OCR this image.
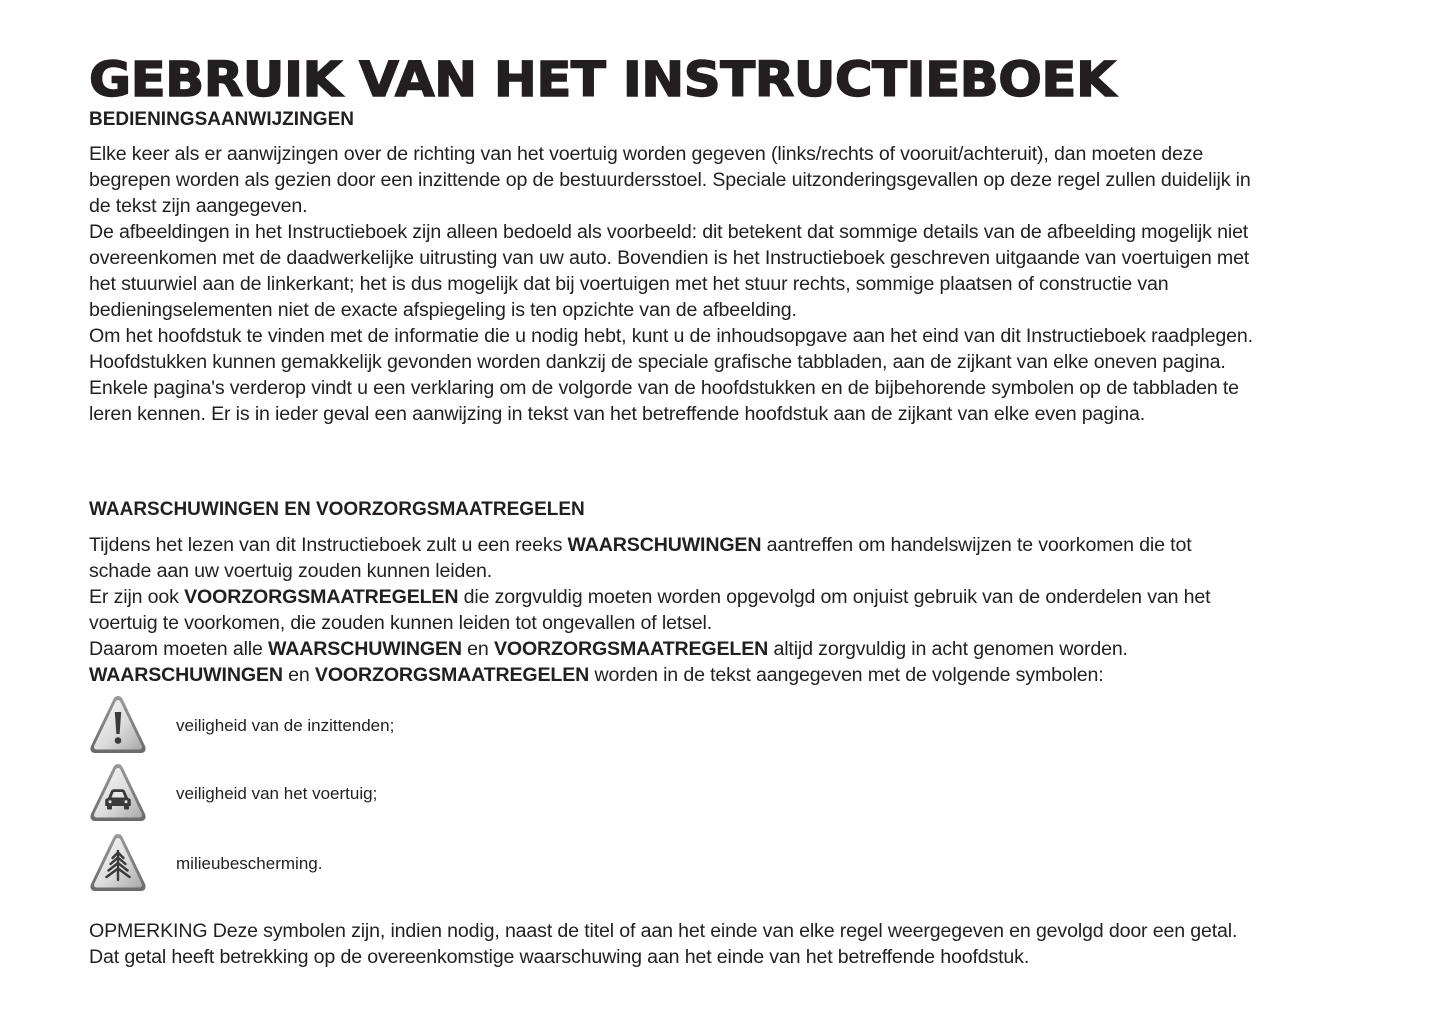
GEBRUIK VAN HET INSTRUCTIEBOEK
BEDIENINGSAANWIJZINGEN

Elke keer als er aanwijzingen over de richting van het voertuig worden gegeven (links/rechts of vooruit/achteruit), dan moeten deze begrepen worden als gezien door een inzittende op de bestuurdersstoel. Speciale uitzonderingsgevallen op deze regel zullen duidelijk in de tekst zijn aangegeven.

De afbeeldingen in het Instructieboek zijn alleen bedoeld als voorbeeld: dit betekent dat sommige details van de afbeelding mogelijk niet overeenkomen met de daadwerkelijke uitrusting van uw auto. Bovendien is het Instructieboek geschreven uitgaande van voertuigen met het stuurwiel aan de linkerkant; het is dus mogelijk dat bij voertuigen met het stuur rechts, sommige plaatsen of constructie van bedieningselementen niet de exacte afspiegeling is ten opzichte van de afbeelding.

Om het hoofdstuk te vinden met de informatie die u nodig hebt, kunt u de inhoudsopgave aan het eind van dit Instructieboek raadplegen.

Hoofdstukken kunnen gemakkelijk gevonden worden dankzij de speciale grafische tabbladen, aan de zijkant van elke oneven pagina. Enkele pagina's verderop vindt u een verklaring om de volgorde van de hoofdstukken en de bijbehorende symbolen op de tabbladen te leren kennen. Er is in ieder geval een aanwijzing in tekst van het betreffende hoofdstuk aan de zijkant van elke even pagina.

WAARSCHUWINGEN EN VOORZORGSMAATREGELEN

Tijdens het lezen van dit Instructieboek zult u een reeks WAARSCHUWINGEN aantreffen om handelswijzen te voorkomen die tot schade aan uw voertuig zouden kunnen leiden.

Er zijn ook VOORZORGSMAATREGELEN die zorgvuldig moeten worden opgevolgd om onjuist gebruik van de onderdelen van het voertuig te voorkomen, die zouden kunnen leiden tot ongevallen of letsel.

Daarom moeten alle WAARSCHUWINGEN en VOORZORGSMAATREGELEN altijd zorgvuldig in acht genomen worden.

WAARSCHUWINGEN en VOORZORGSMAATREGELEN worden in de tekst aangegeven met de volgende symbolen:

veiligheid van de inzittenden;
veiligheid van het voertuig;
milieubescherming.

OPMERKING Deze symbolen zijn, indien nodig, naast de titel of aan het einde van elke regel weergegeven en gevolgd door een getal. Dat getal heeft betrekking op de overeenkomstige waarschuwing aan het einde van het betreffende hoofdstuk.
